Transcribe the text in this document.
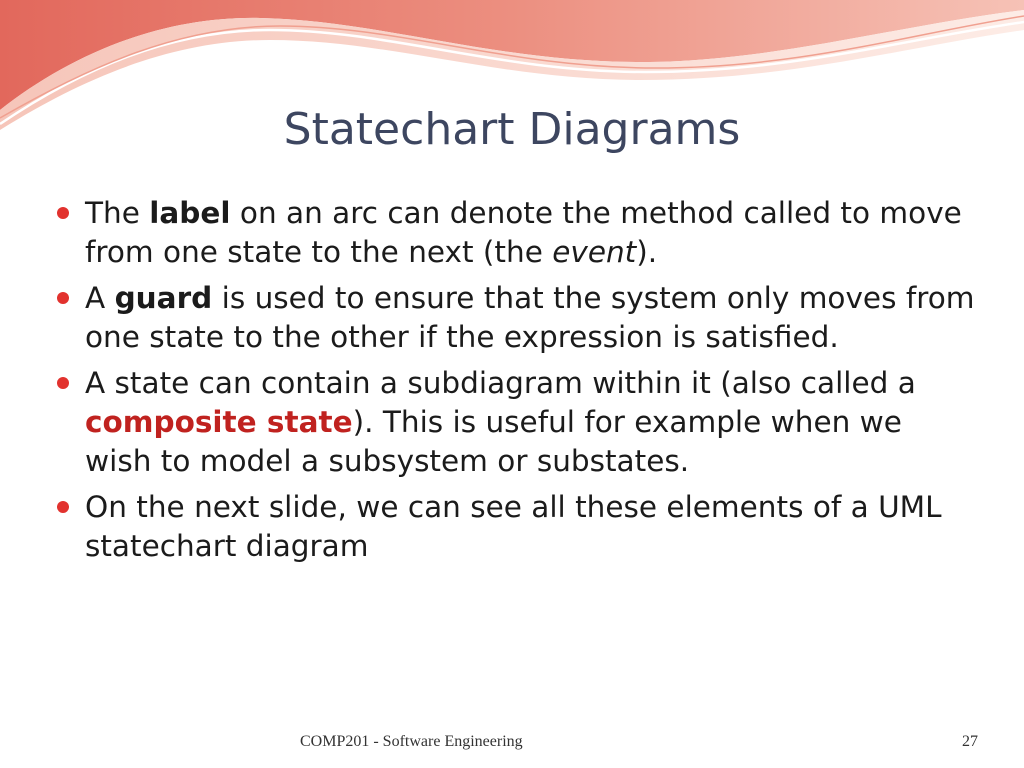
Statechart Diagrams
The label on an arc can denote the method called to move from one state to the next (the event).
A guard is used to ensure that the system only moves from one state to the other if the expression is satisfied.
A state can contain a subdiagram within it (also called a composite state). This is useful for example when we wish to model a subsystem or substates.
On the next slide, we can see all these elements of a UML statechart diagram
COMP201 - Software Engineering	27
